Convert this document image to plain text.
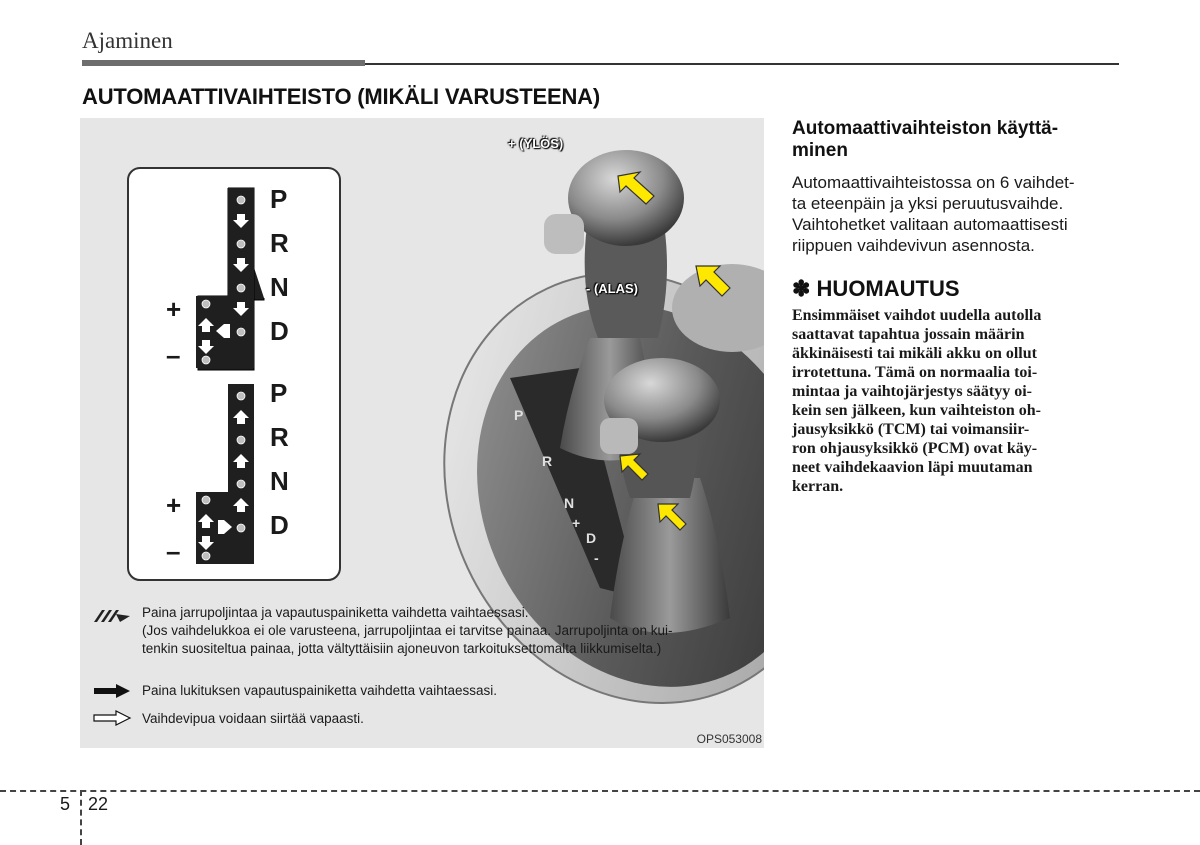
Ajaminen
AUTOMAATTIVAIHTEISTO (MIKÄLI VARUSTEENA)
P
R
N
D
+
–
P
R
N
D
+
–
P
R
N
+
D
-
+ (YLÖS)
- (ALAS)
Paina jarrupoljintaa ja vapautuspainiketta vaihdetta vaihtaessasi.
(Jos vaihdelukkoa ei ole varusteena, jarrupoljintaa ei tarvitse painaa. Jarrupoljinta on kui-
tenkin suositeltua painaa, jotta vältyttäisiin ajoneuvon tarkoituksettomalta liikkumiselta.)
Paina lukituksen vapautuspainiketta vaihdetta vaihtaessasi.
Vaihdevipua voidaan siirtää vapaasti.
OPS053008

Automaattivaihteiston käyttä-
minen

Automaattivaihteistossa on 6 vaihdet-
ta eteenpäin ja yksi peruutusvaihde.
Vaihtohetket valitaan automaattisesti
riippuen vaihdevivun asennosta.

✽ HUOMAUTUS

Ensimmäiset vaihdot uudella autolla
saattavat tapahtua jossain määrin
äkkinäisesti tai mikäli akku on ollut
irrotettuna. Tämä on normaalia toi-
mintaa ja vaihtojärjestys säätyy oi-
kein sen jälkeen, kun vaihteiston oh-
jausyksikkö (TCM) tai voimansiir-
ron ohjausyksikkö (PCM) ovat käy-
neet vaihdekaavion läpi muutaman
kerran.

5 22
